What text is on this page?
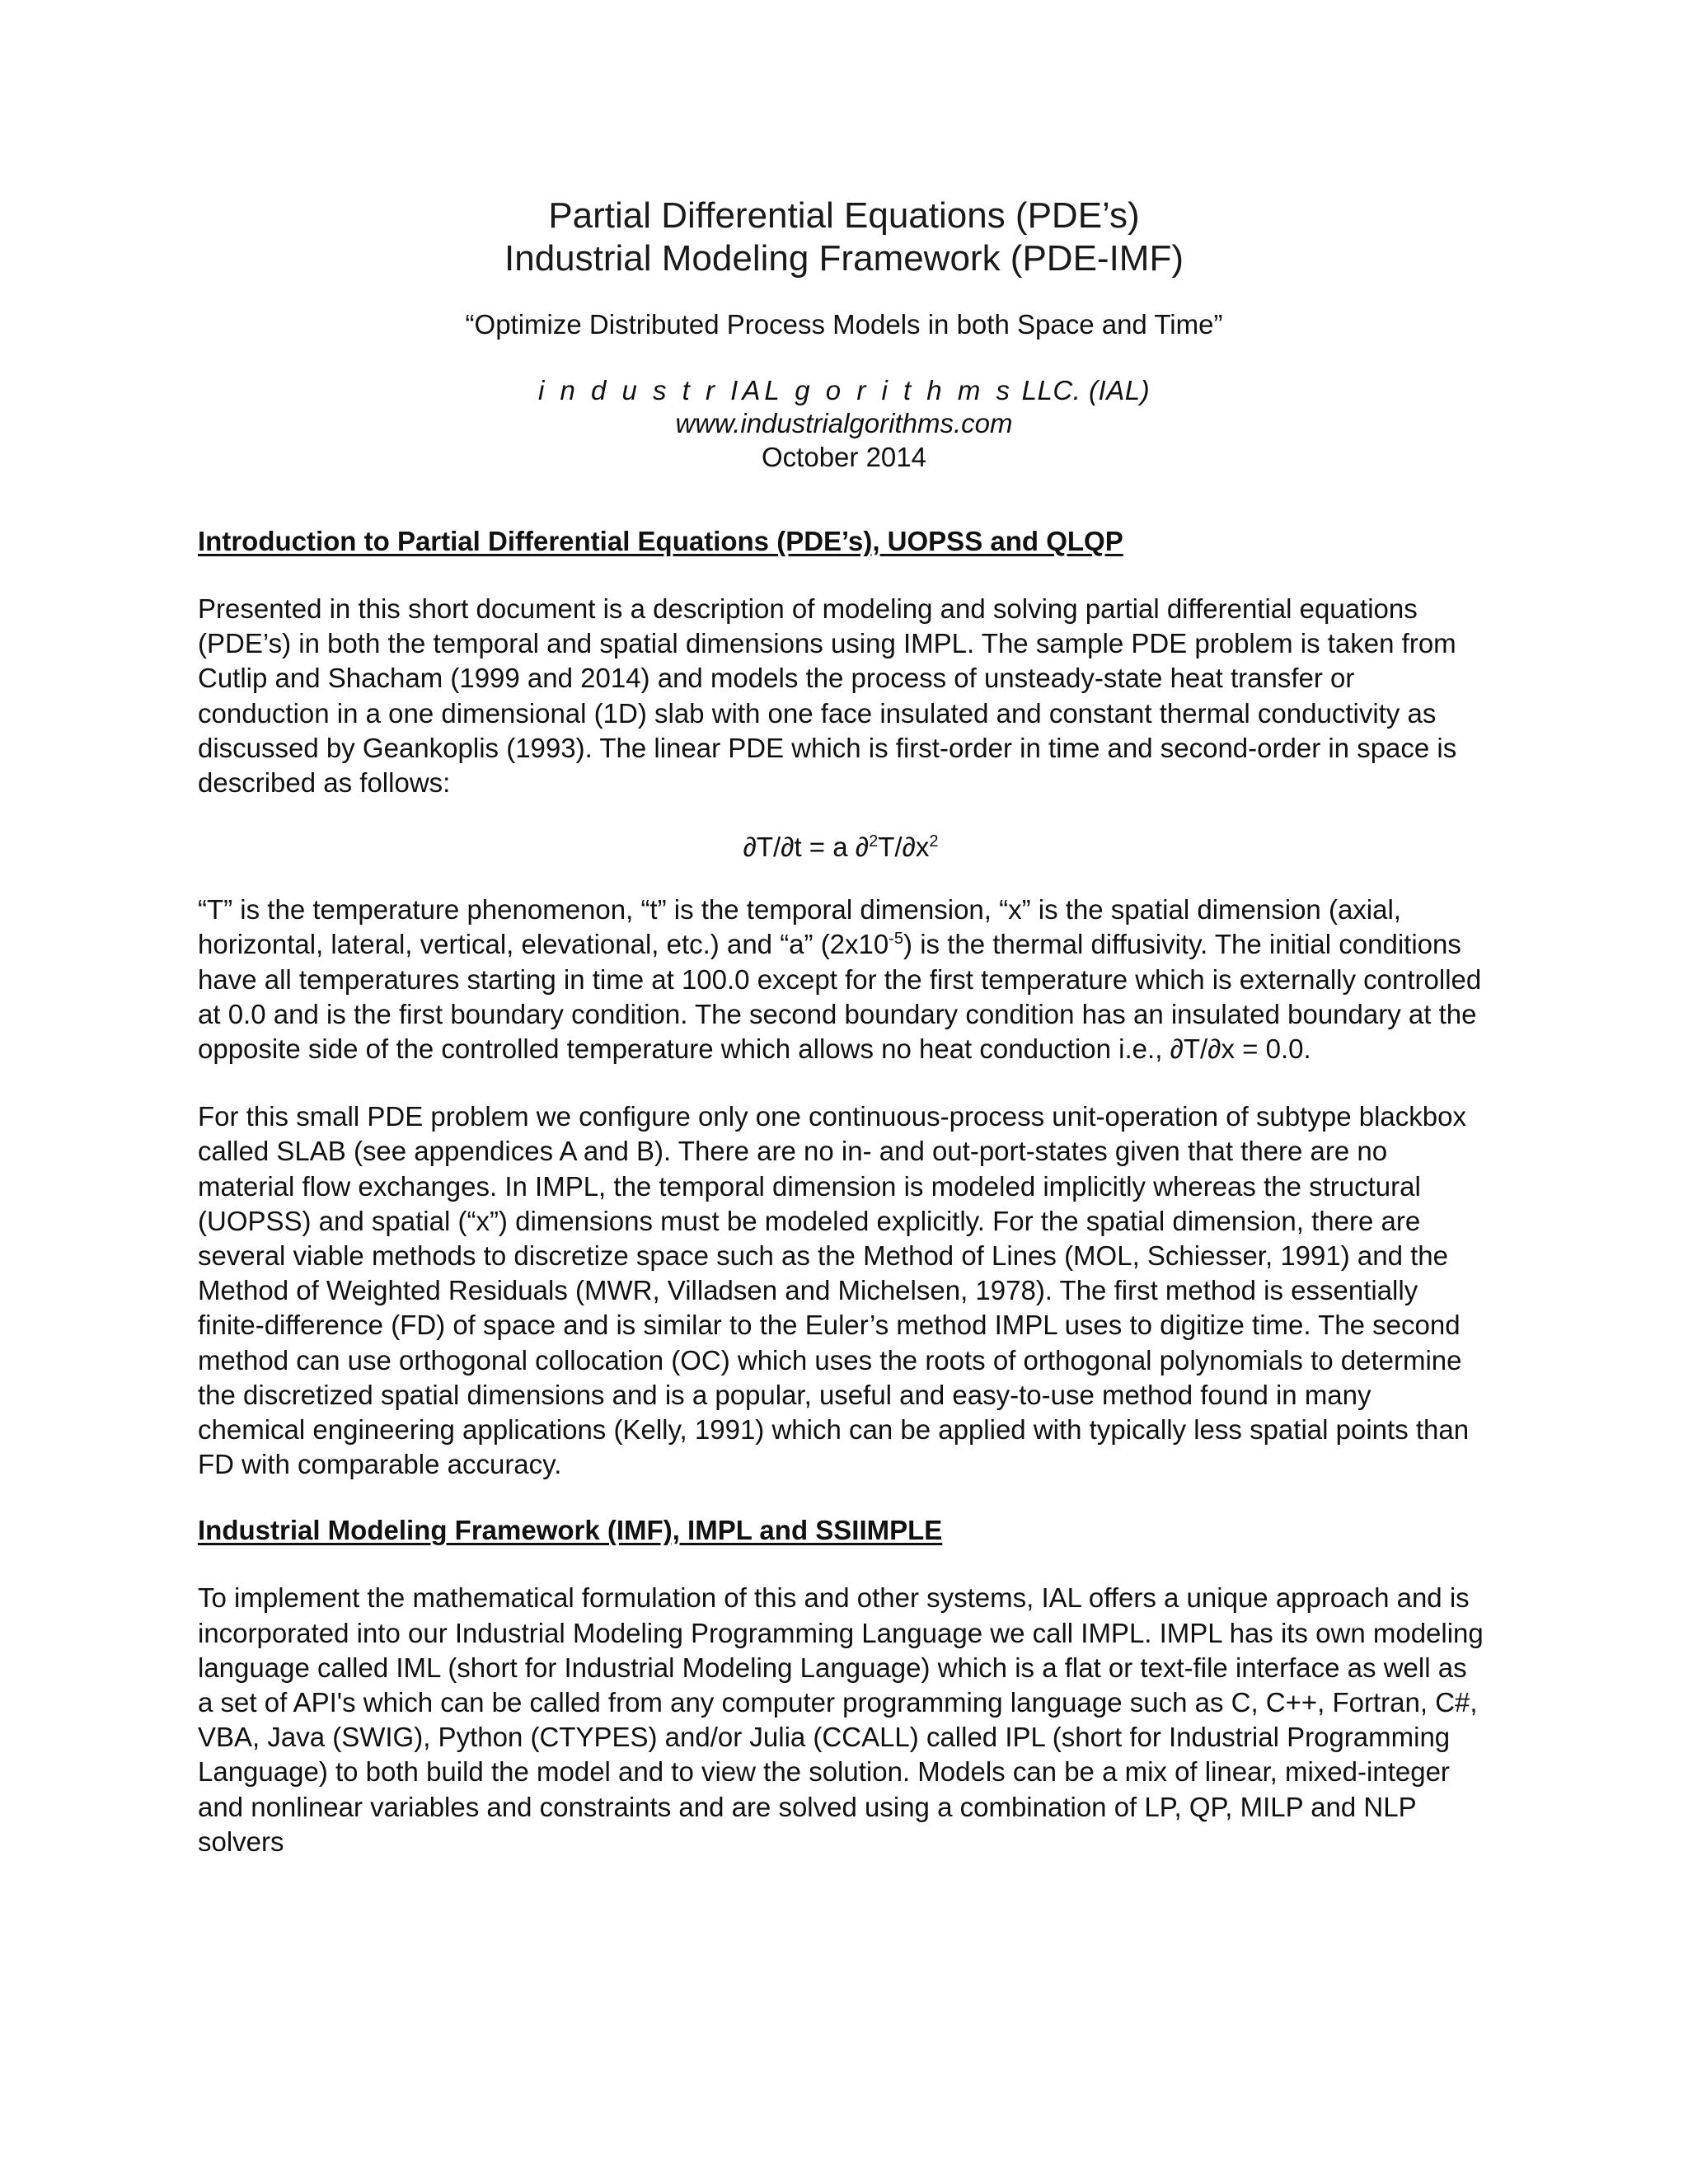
Partial Differential Equations (PDE’s)
Industrial Modeling Framework (PDE-IMF)
“Optimize Distributed Process Models in both Space and Time”
i n d u s t r IAL g o r i t h m s LLC. (IAL)
www.industrialgorithms.com
October 2014
Introduction to Partial Differential Equations (PDE’s), UOPSS and QLQP

Presented in this short document is a description of modeling and solving partial differential equations (PDE’s) in both the temporal and spatial dimensions using IMPL. The sample PDE problem is taken from Cutlip and Shacham (1999 and 2014) and models the process of unsteady-state heat transfer or conduction in a one dimensional (1D) slab with one face insulated and constant thermal conductivity as discussed by Geankoplis (1993). The linear PDE which is first-order in time and second-order in space is described as follows:

∂T/∂t = a $\partial^2T/\partial x^2$

“T” is the temperature phenomenon, “t” is the temporal dimension, “x” is the spatial dimension (axial, horizontal, lateral, vertical, elevational, etc.) and “a” $(2x10^{-5})$ is the thermal diffusivity. The initial conditions have all temperatures starting in time at 100.0 except for the first temperature which is externally controlled at 0.0 and is the first boundary condition. The second boundary condition has an insulated boundary at the opposite side of the controlled temperature which allows no heat conduction i.e., ∂T/∂x = 0.0.

For this small PDE problem we configure only one continuous-process unit-operation of subtype blackbox called SLAB (see appendices A and B). There are no in- and out-port-states given that there are no material flow exchanges. In IMPL, the temporal dimension is modeled implicitly whereas the structural (UOPSS) and spatial (“x”) dimensions must be modeled explicitly. For the spatial dimension, there are several viable methods to discretize space such as the Method of Lines (MOL, Schiesser, 1991) and the Method of Weighted Residuals (MWR, Villadsen and Michelsen, 1978). The first method is essentially finite-difference (FD) of space and is similar to the Euler’s method IMPL uses to digitize time. The second method can use orthogonal collocation (OC) which uses the roots of orthogonal polynomials to determine the discretized spatial dimensions and is a popular, useful and easy-to-use method found in many chemical engineering applications (Kelly, 1991) which can be applied with typically less spatial points than FD with comparable accuracy.

Industrial Modeling Framework (IMF), IMPL and SSIIMPLE

To implement the mathematical formulation of this and other systems, IAL offers a unique approach and is incorporated into our Industrial Modeling Programming Language we call IMPL. IMPL has its own modeling language called IML (short for Industrial Modeling Language) which is a flat or text-file interface as well as a set of API's which can be called from any computer programming language such as C, C++, Fortran, C#, VBA, Java (SWIG), Python (CTYPES) and/or Julia (CCALL) called IPL (short for Industrial Programming Language) to both build the model and to view the solution. Models can be a mix of linear, mixed-integer and nonlinear variables and constraints and are solved using a combination of LP, QP, MILP and NLP solvers
